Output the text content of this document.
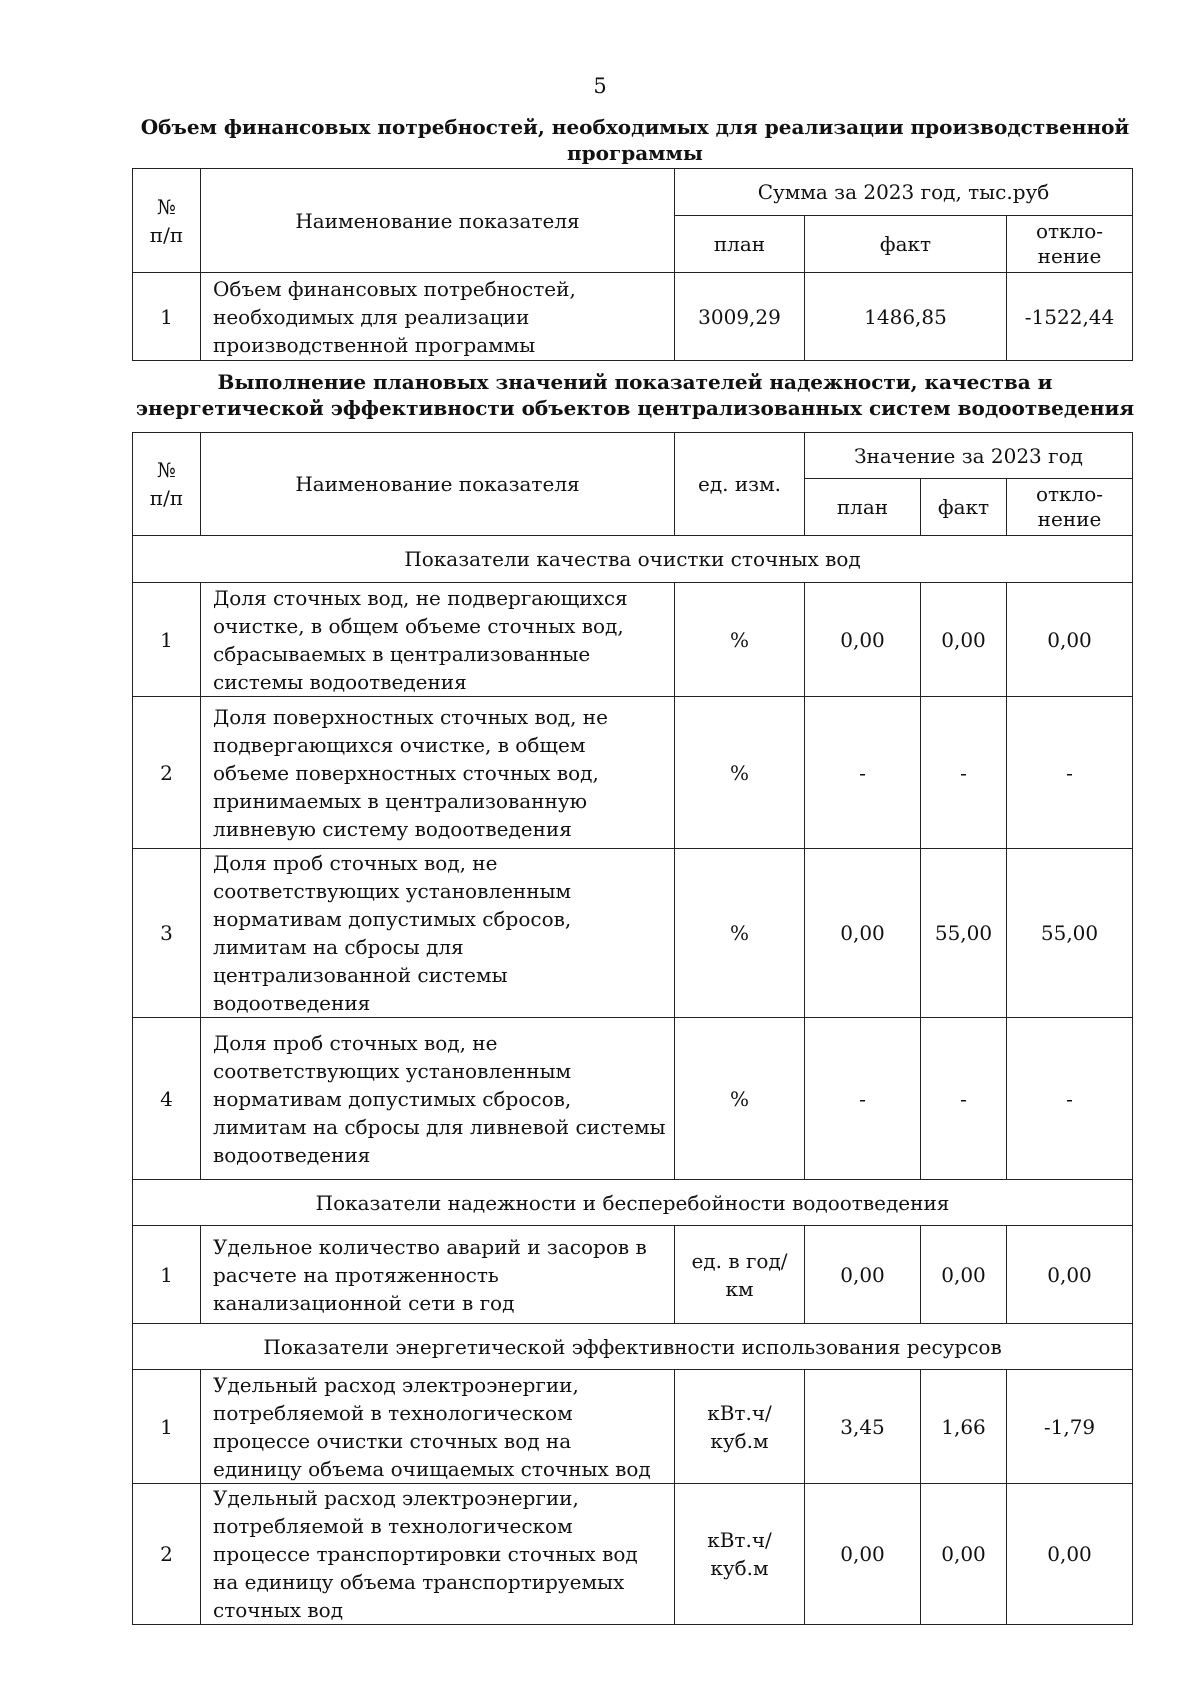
5
Объем финансовых потребностей, необходимых для реализации производственной программы
№
п/п	Наименование показателя	Сумма за 2023 год, тыс.руб		
		план	факт	откло-
нение

1	Объем финансовых потребностей, необходимых для реализации производственной программы	3009,29	1486,85	-1522,44
Выполнение плановых значений показателей надежности, качества и энергетической эффективности объектов централизованных систем водоотведения
№
п/п	Наименование показателя	ед. изм.	Значение за 2023 год		
			план	факт	откло-
нение

Показатели качества очистки сточных вод					
1	Доля сточных вод, не подвергающихся очистке, в общем объеме сточных вод, сбрасываемых в централизованные системы водоотведения	%	0,00	0,00	0,00
2	Доля поверхностных сточных вод, не подвергающихся очистке, в общем объеме поверхностных сточных вод, принимаемых в централизованную ливневую систему водоотведения	%	-	-	-
3	Доля проб сточных вод, не соответствующих установленным нормативам допустимых сбросов, лимитам на сбросы для централизованной системы водоотведения	%	0,00	55,00	55,00
4	Доля проб сточных вод, не соответствующих установленным нормативам допустимых сбросов, лимитам на сбросы для ливневой системы водоотведения	%	-	-	-
Показатели надежности и бесперебойности водоотведения					
1	Удельное количество аварий и засоров в расчете на протяженность канализационной сети в год	ед. в год/
км	0,00	0,00	0,00
Показатели энергетической эффективности использования ресурсов					
1	Удельный расход электроэнергии, потребляемой в технологическом процессе очистки сточных вод на единицу объема очищаемых сточных вод	кВт.ч/
куб.м	3,45	1,66	-1,79
2	Удельный расход электроэнергии, потребляемой в технологическом процессе транспортировки сточных вод на единицу объема транспортируемых сточных вод	кВт.ч/
куб.м	0,00	0,00	0,00
